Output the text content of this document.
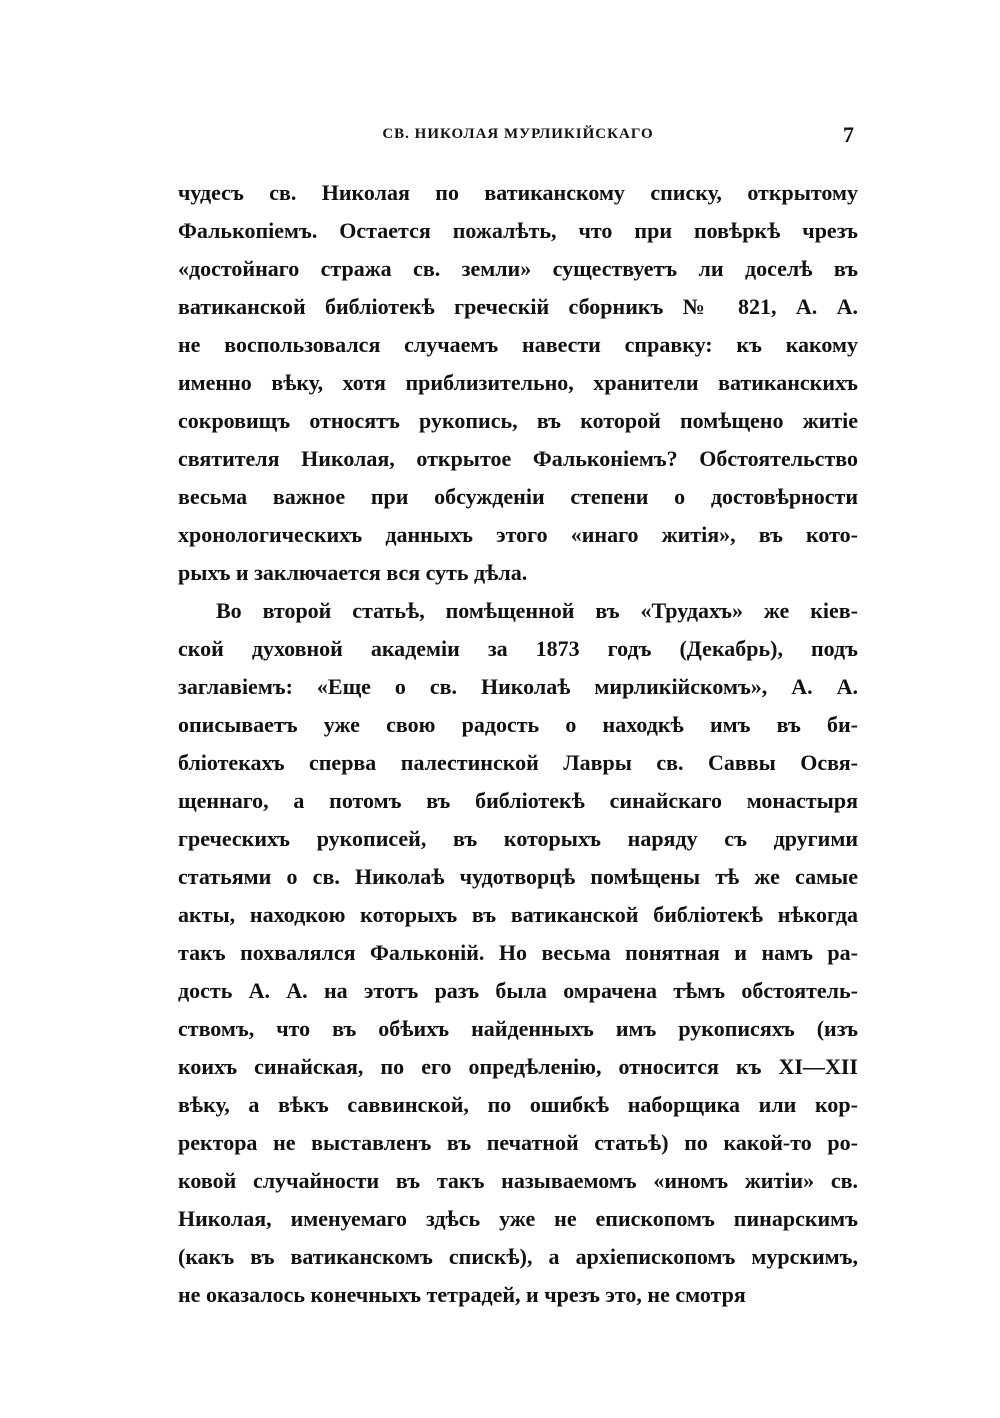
СВ. НИКОЛАЯ МУРЛИКІЙСКАГО	7
чудесъ св. Николая по ватиканскому списку, открытому
Фалькопіемъ. Остается пожалѣть, что при повѣркѣ чрезъ
«достойнаго стража св. земли» существуетъ ли доселѣ въ
ватиканской библіотекѣ греческій сборникъ № 821, А. А.
не воспользовался случаемъ навести справку: къ какому
именно вѣку, хотя приблизительно, хранители ватиканскихъ
сокровищъ относятъ рукопись, въ которой помѣщено житіе
святителя Николая, открытое Фальконіемъ? Обстоятельство
весьма важное при обсужденіи степени о достовѣрности
хронологическихъ данныхъ этого «инаго житія», въ кото-
рыхъ и заключается вся суть дѣла.
Во второй статьѣ, помѣщенной въ «Трудахъ» же кіев-
ской духовной академіи за 1873 годъ (Декабрь), подъ
заглавіемъ: «Еще о св. Николаѣ мирликійскомъ», А. А.
описываетъ уже свою радость о находкѣ имъ въ би-
бліотекахъ сперва палестинской Лавры св. Саввы Освя-
щеннаго, а потомъ въ библіотекѣ синайскаго монастыря
греческихъ рукописей, въ которыхъ наряду съ другими
статьями о св. Николаѣ чудотворцѣ помѣщены тѣ же самые
акты, находкою которыхъ въ ватиканской библіотекѣ нѣкогда
такъ похвалялся Фальконій. Но весьма понятная и намъ ра-
дость А. А. на этотъ разъ была омрачена тѣмъ обстоятель-
ствомъ, что въ обѣихъ найденныхъ имъ рукописяхъ (изъ
коихъ синайская, по его опредѣленію, относится къ XI—XII
вѣку, а вѣкъ саввинской, по ошибкѣ наборщика или кор-
ректора не выставленъ въ печатной статьѣ) по какой-то ро-
ковой случайности въ такъ называемомъ «иномъ житіи» св.
Николая, именуемаго здѣсь уже не епископомъ пинарскимъ
(какъ въ ватиканскомъ спискѣ), а архіепископомъ мурскимъ,
не оказалось конечныхъ тетрадей, и чрезъ это, не смотря
